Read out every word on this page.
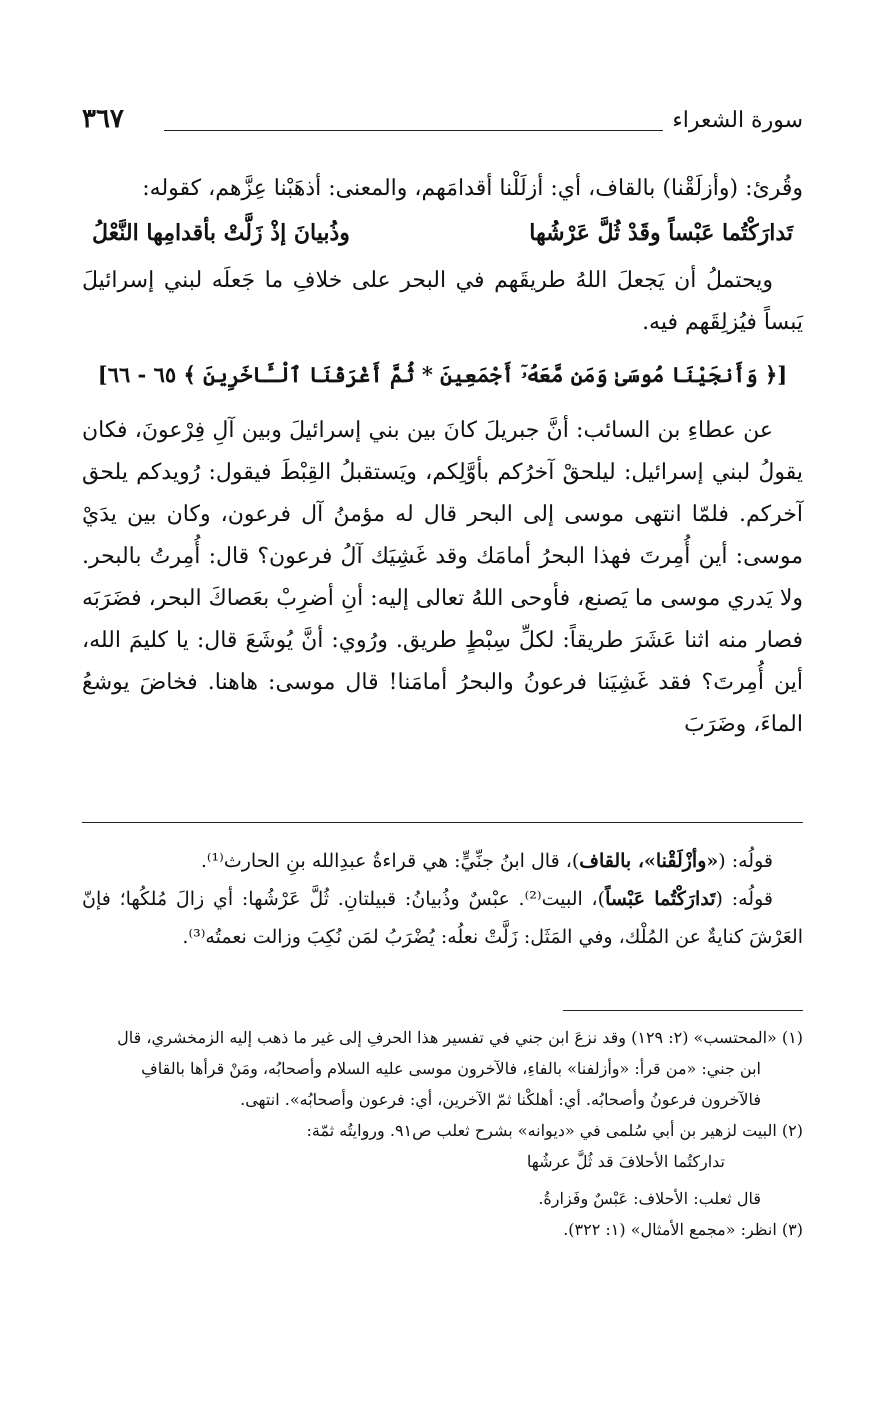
سورة الشعراء
٣٦٧

وقُرئ: (وأزلَقْنا) بالقاف، أي: أزلَلْنا أقدامَهم، والمعنى: أذهَبْنا عِزَّهم، كقوله:

تَدارَكْتُما عَبْساً وقَدْ ثُلَّ عَرْشُها
وذُبيانَ إذْ زَلَّتْ بأقدامِها النَّعْلُ

ويحتملُ أن يَجعلَ اللهُ طريقَهم في البحر على خلافِ ما جَعلَه لبني إسرائيلَ يَبساً فيُزلِقَهم فيه.

[﴿ وَأَنجَيْنَا مُوسَىٰ وَمَن مَّعَهُۥٓ أَجْمَعِينَ * ثُمَّ أَغْرَقْنَا ٱلْـَٔاخَرِينَ ﴾ ٦٥ - ٦٦]

عن عطاءِ بن السائب: أنَّ جبريلَ كانَ بين بني إسرائيلَ وبين آلِ فِرْعونَ، فكان يقولُ لبني إسرائيل: ليلحقْ آخرُكم بأوَّلِكم، ويَستقبلُ القِبْطَ فيقول: رُويدكم يلحق آخركم. فلمّا انتهى موسى إلى البحر قال له مؤمنُ آل فرعون، وكان بين يدَيْ موسى: أين أُمِرتَ فهذا البحرُ أمامَك وقد غَشِيَك آلُ فرعون؟ قال: أُمِرتُ بالبحر. ولا يَدري موسى ما يَصنع، فأوحى اللهُ تعالى إليه: أنِ أضرِبْ بعَصاكَ البحر، فضَرَبَه فصار منه اثنا عَشَرَ طريقاً: لكلِّ سِبْطٍ طريق. ورُوي: أنَّ يُوشَعَ قال: يا كليمَ الله، أين أُمِرتَ؟ فقد غَشِيَنا فرعونُ والبحرُ أمامَنا! قال موسى: هاهنا. فخاضَ يوشعُ الماءَ، وضَرَبَ

قولُه: («وأزْلَقْنا»، بالقاف)، قال ابنُ جنِّيٍّ: هي قراءةُ عبدِالله بنِ الحارث⁽¹⁾.

قولُه: (تَدارَكْتُما عَبْساً)، البيت⁽²⁾. عبْسٌ وذُبيانُ: قبيلتانِ. ثُلَّ عَرْشُها: أي زالَ مُلكُها؛ فإنّ العَرْشَ كنايةٌ عن المُلْك، وفي المَثَل: زَلَّتْ نعلُه: يُضْرَبُ لمَن نُكِبَ وزالت نعمتُه⁽³⁾.

(١) «المحتسب» (٢: ١٢٩) وقد نزعَ ابن جني في تفسير هذا الحرفِ إلى غير ما ذهب إليه الزمخشري، قال

ابن جني: «من قرأ: «وأزلفنا» بالفاءِ، فالآخرون موسى عليه السلام وأصحابُه، ومَنْ قرأها بالقافِ

فالآخرون فرعونُ وأصحابُه. أي: أهلكْنا ثمّ الآخرين، أي: فرعون وأصحابُه». انتهى.

(٢) البيت لزهير بن أبي سُلمى في «ديوانه» بشرح ثعلب ص٩١. وروايتُه ثمّة:

تداركتُما الأحلافَ قد ثُلَّ عرشُها

قال ثعلب: الأحلاف: عَبْسٌ وفَزارةُ.

(٣) انظر: «مجمع الأمثال» (١: ٣٢٢).
